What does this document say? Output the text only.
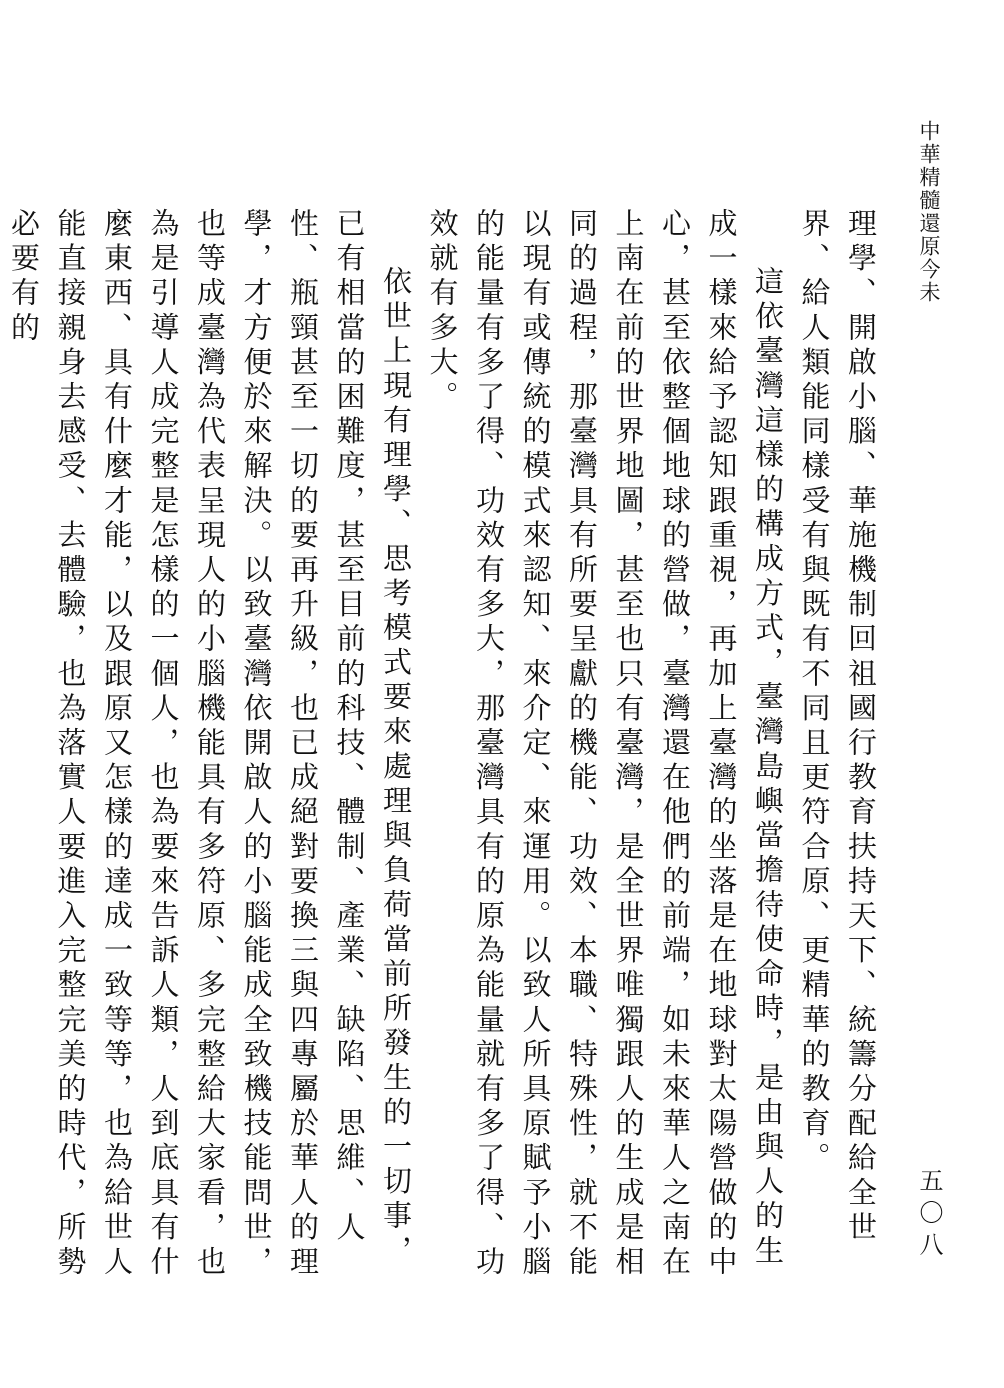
中華精髓還原今未
五〇八

理學、開啟小腦、華施機制回祖國行教育扶持天下、統籌分配給全世界、給人類能同樣受有與既有不同且更符合原、更精華的教育。

這依臺灣這樣的構成方式，臺灣島嶼當擔待使命時，是由與人的生成一樣來給予認知跟重視，再加上臺灣的坐落是在地球對太陽營做的中心，甚至依整個地球的營做，臺灣還在他們的前端，如未來華人之南在上南在前的世界地圖，甚至也只有臺灣，是全世界唯獨跟人的生成是相同的過程，那臺灣具有所要呈獻的機能、功效、本職、特殊性，就不能以現有或傳統的模式來認知、來介定、來運用。以致人所具原賦予小腦的能量有多了得、功效有多大，那臺灣具有的原為能量就有多了得、功效就有多大。

依世上現有理學、思考模式要來處理與負荷當前所發生的一切事，已有相當的困難度，甚至目前的科技、體制、產業、缺陷、思維、人性、瓶頸甚至一切的要再升級，也已成絕對要換三與四專屬於華人的理學，才方便於來解決。以致臺灣依開啟人的小腦能成全致機技能問世，也等成臺灣為代表呈現人的小腦機能具有多符原、多完整給大家看，也為是引導人成完整是怎樣的一個人，也為要來告訴人類，人到底具有什麼東西、具有什麼才能，以及跟原又怎樣的達成一致等等，也為給世人能直接親身去感受、去體驗，也為落實人要進入完整完美的時代，所勢必要有的
